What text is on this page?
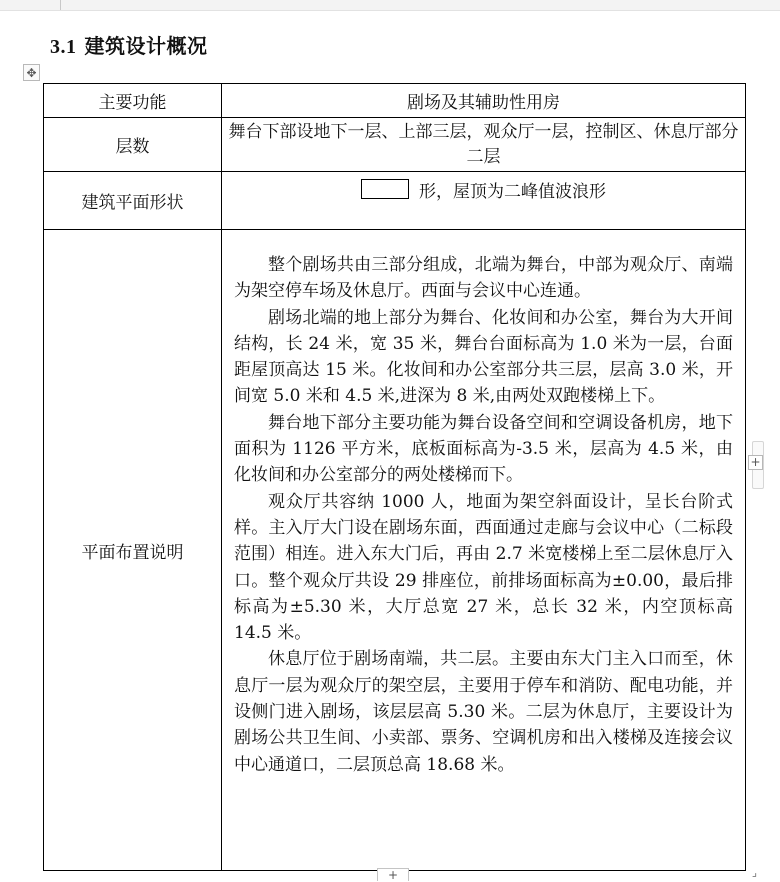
3.1 建筑设计概况
✥
主要功能	剧场及其辅助性用房
层数	舞台下部设地下一层、上部三层，观众厅一层，控制区、休息厅部分二层
建筑平面形状	形，屋顶为二峰值波浪形

平面布置说明	整个剧场共由三部分组成，北端为舞台，中部为观众厅、南端为架空停车场及休息厅。西面与会议中心连通。

剧场北端的地上部分为舞台、化妆间和办公室，舞台为大开间结构，长 24 米，宽 35 米，舞台台面标高为 1.0 米为一层，台面距屋顶高达 15 米。化妆间和办公室部分共三层，层高 3.0 米，开间宽 5.0 米和 4.5 米,进深为 8 米,由两处双跑楼梯上下。

舞台地下部分主要功能为舞台设备空间和空调设备机房，地下面积为 1126 平方米，底板面标高为-3.5 米，层高为 4.5 米，由化妆间和办公室部分的两处楼梯而下。

观众厅共容纳 1000 人，地面为架空斜面设计，呈长台阶式样。主入厅大门设在剧场东面，西面通过走廊与会议中心（二标段范围）相连。进入东大门后，再由 2.7 米宽楼梯上至二层休息厅入口。整个观众厅共设 29 排座位，前排场面标高为±0.00，最后排标高为±5.30 米，大厅总宽 27 米，总长 32 米，内空顶标高 14.5 米。

休息厅位于剧场南端，共二层。主要由东大门主入口而至，休息厅一层为观众厅的架空层，主要用于停车和消防、配电功能，并设侧门进入剧场，该层层高 5.30 米。二层为休息厅，主要设计为剧场公共卫生间、小卖部、票务、空调机房和出入楼梯及连接会议中心通道口，二层顶总高 18.68 米。

+
+	⌟
